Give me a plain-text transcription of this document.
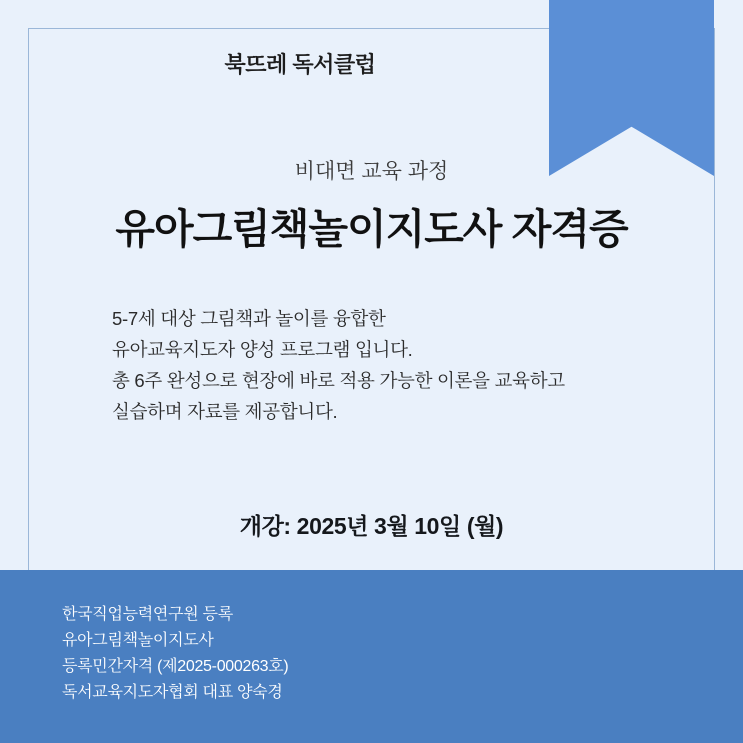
북뜨레 독서클럽
비대면 교육 과정
유아그림책놀이지도사 자격증
5-7세 대상 그림책과 놀이를 융합한
유아교육지도자 양성 프로그램 입니다.
총 6주 완성으로 현장에 바로 적용 가능한 이론을 교육하고
실습하며 자료를 제공합니다.
개강: 2025년 3월 10일 (월)
한국직업능력연구원 등록
유아그림책놀이지도사
등록민간자격 (제2025-000263호)
독서교육지도자협회 대표 양숙경
